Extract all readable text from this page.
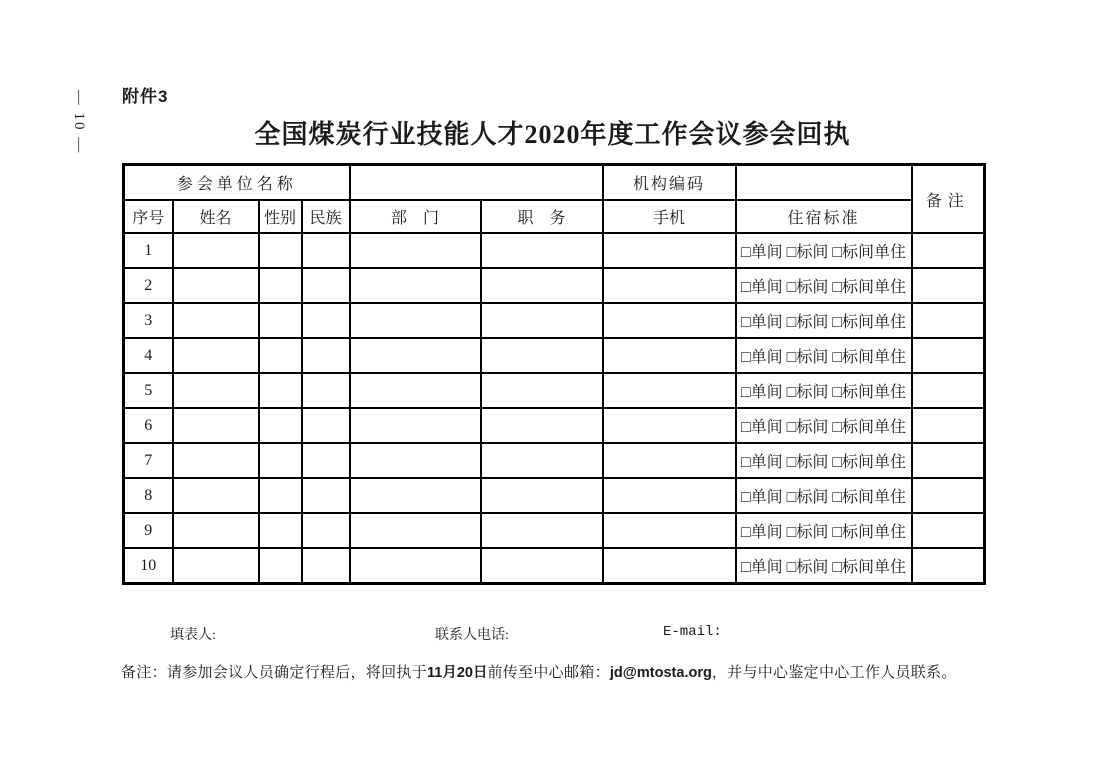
附件3
— 10 —	全国煤炭行业技能人才2020年度工作会议参会回执
参会单位名称						机构编码		备注
序号	姓名	性别	民族	部　门	职　务	手机	住宿标准	
1							□单间 □标间 □标间单住	
2							□单间 □标间 □标间单住	
3							□单间 □标间 □标间单住	
4							□单间 □标间 □标间单住	
5							□单间 □标间 □标间单住	
6							□单间 □标间 □标间单住	
7							□单间 □标间 □标间单住	
8							□单间 □标间 □标间单住	
9							□单间 □标间 □标间单住	
10							□单间 □标间 □标间单住	
填表人:	联系人电话:	E-mail:
备注：请参加会议人员确定行程后，将回执于11月20日前传至中心邮箱：jd@mtosta.org，并与中心鉴定中心工作人员联系。
